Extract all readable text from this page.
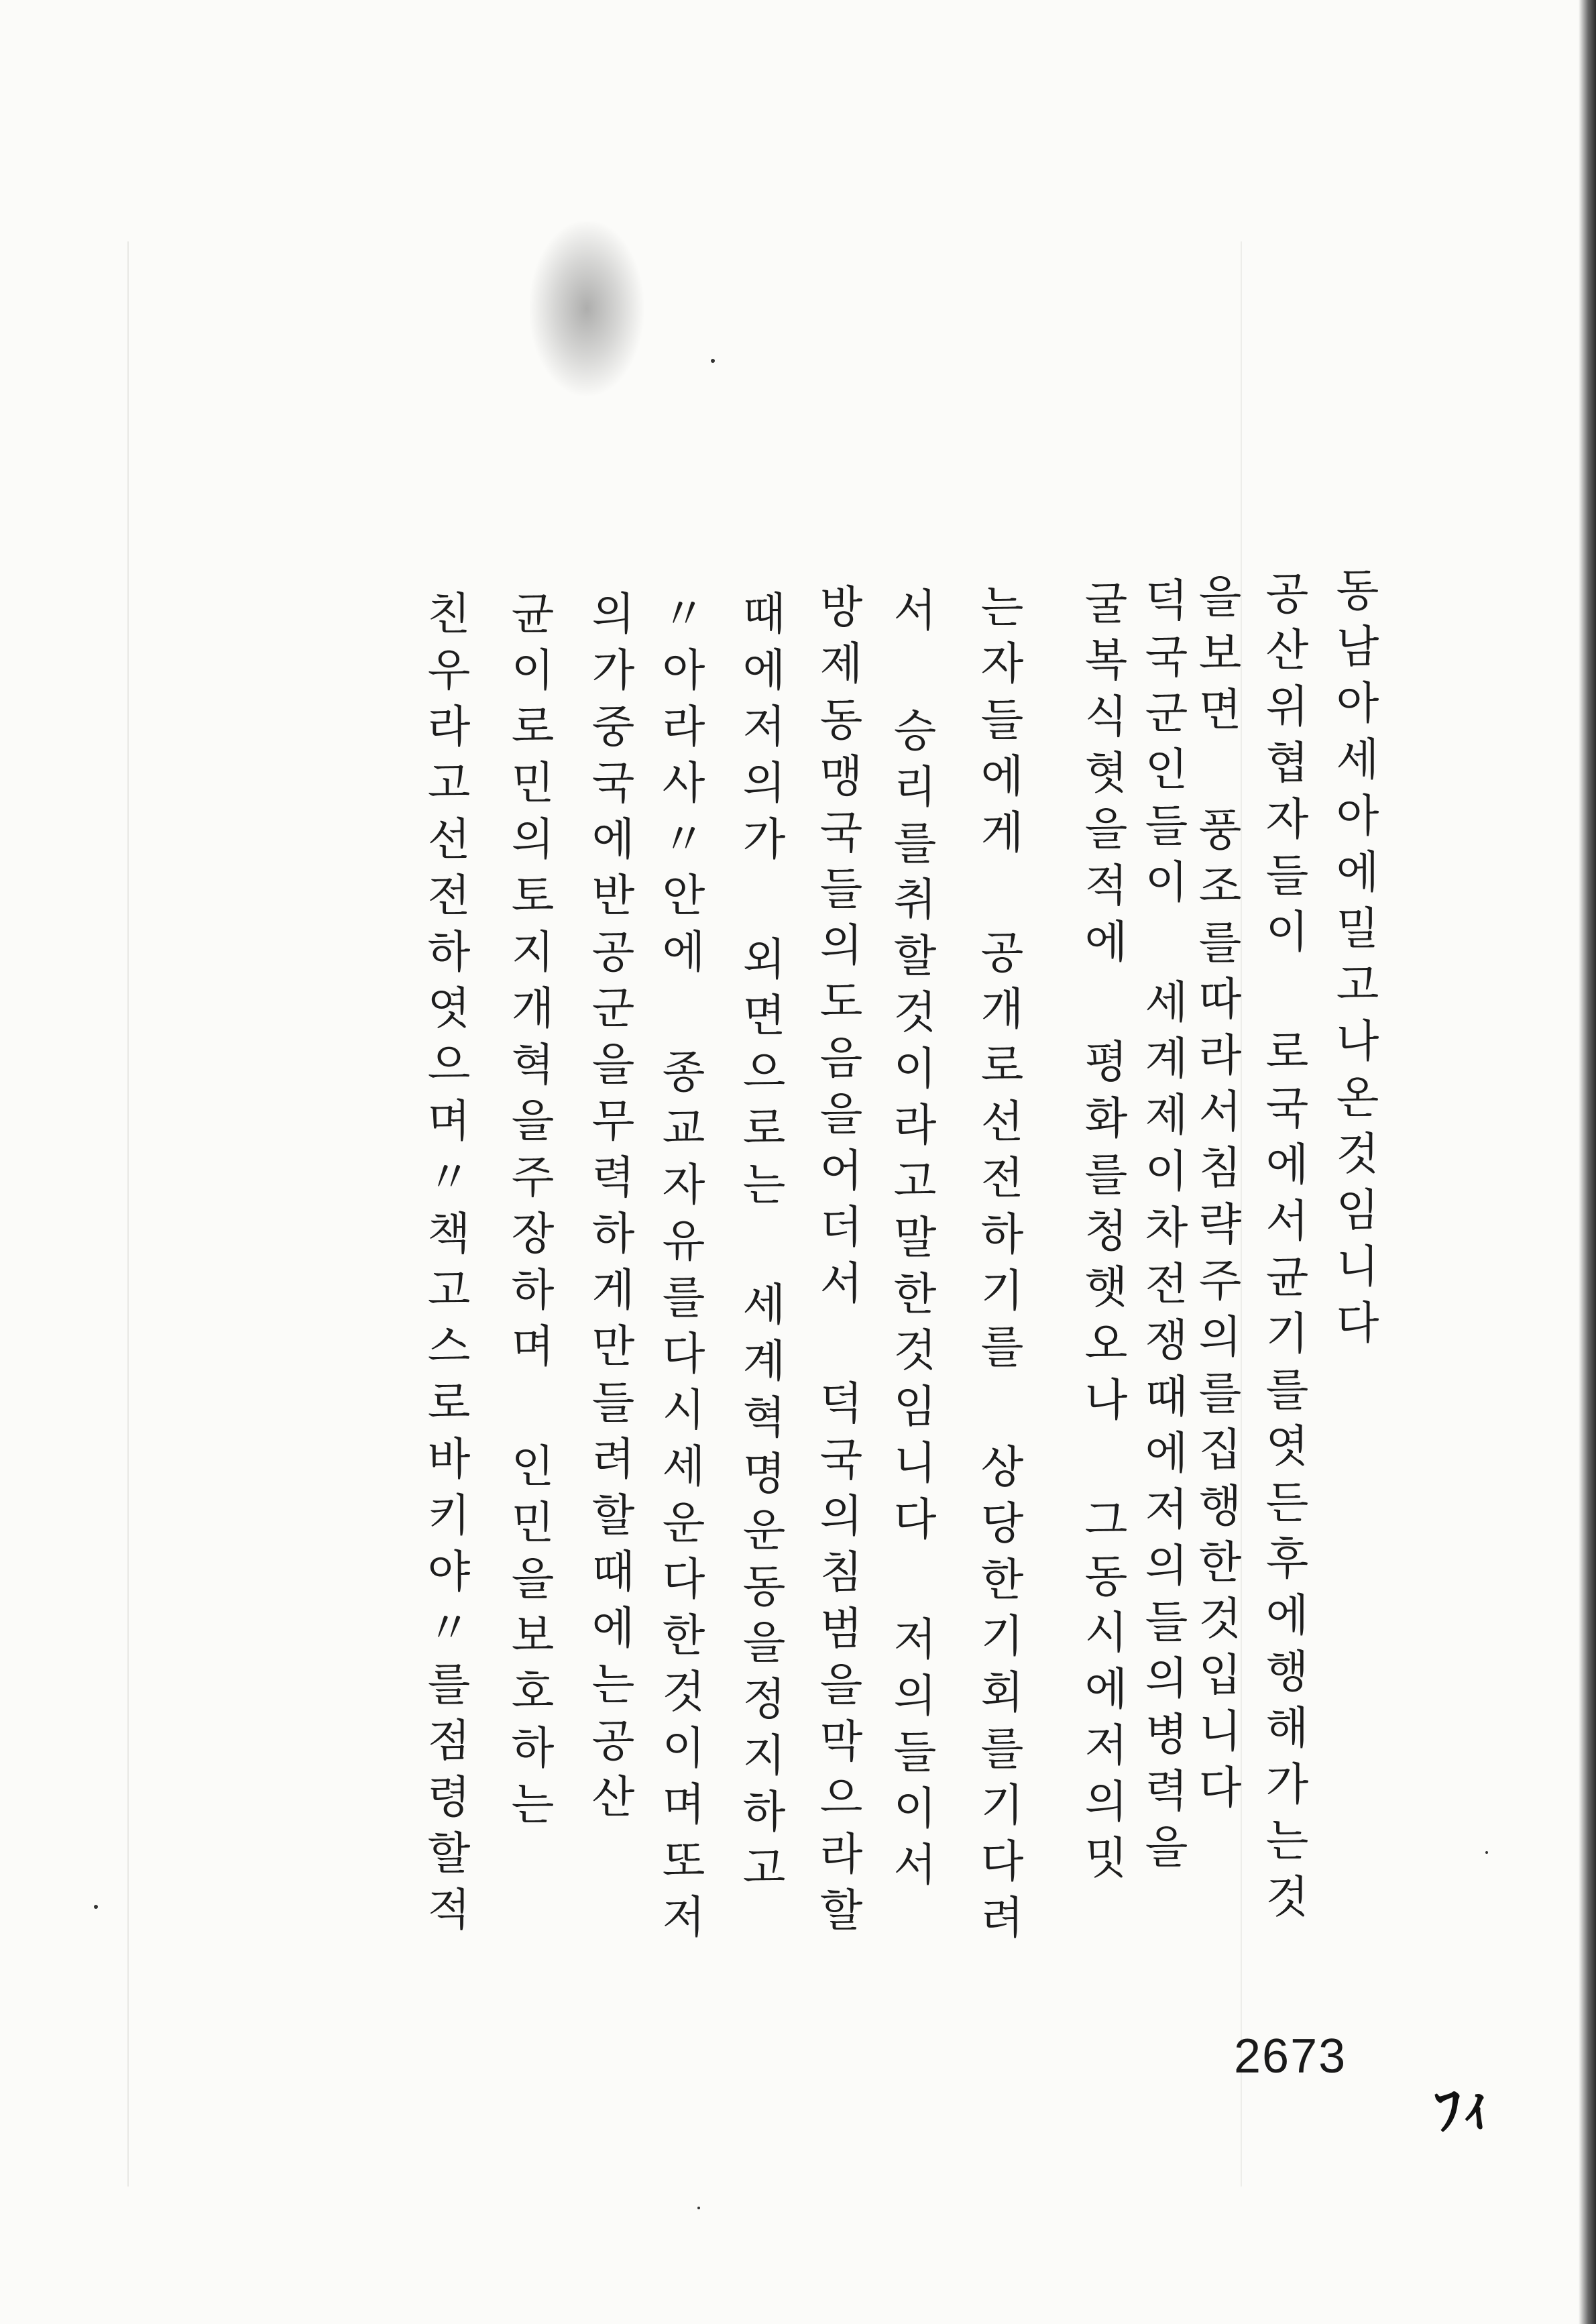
동남아세아에밀고나온것임니다
공산위협자들이 로국에서균기를엿든후에행해가는것
을보면 풍조를따라서침략주의를집행한것입니다
덕국군인들이 세계제이차전쟁때에저의들의병력을
굴복식혓을적에 평화를청햇오나 그동시에저의밋
는자들에게 공개로선전하기를 상당한기회를기다려
서 승리를취할것이라고말한것임니다 저의들이서
방제동맹국들의도음을어더서 덕국의침범을막으라할
때에저의가 외면으로는 세계혁명운동을정지하고
〃아라사〃안에 종교자유를다시세운다한것이며또저
의가중국에반공군을무력하게만들려할때에는공산
균이로민의토지개혁을주장하며 인민을보호하는
친우라고선전하엿으며〃책고스로바키야〃를점령할적
2673
ﾌｨ
